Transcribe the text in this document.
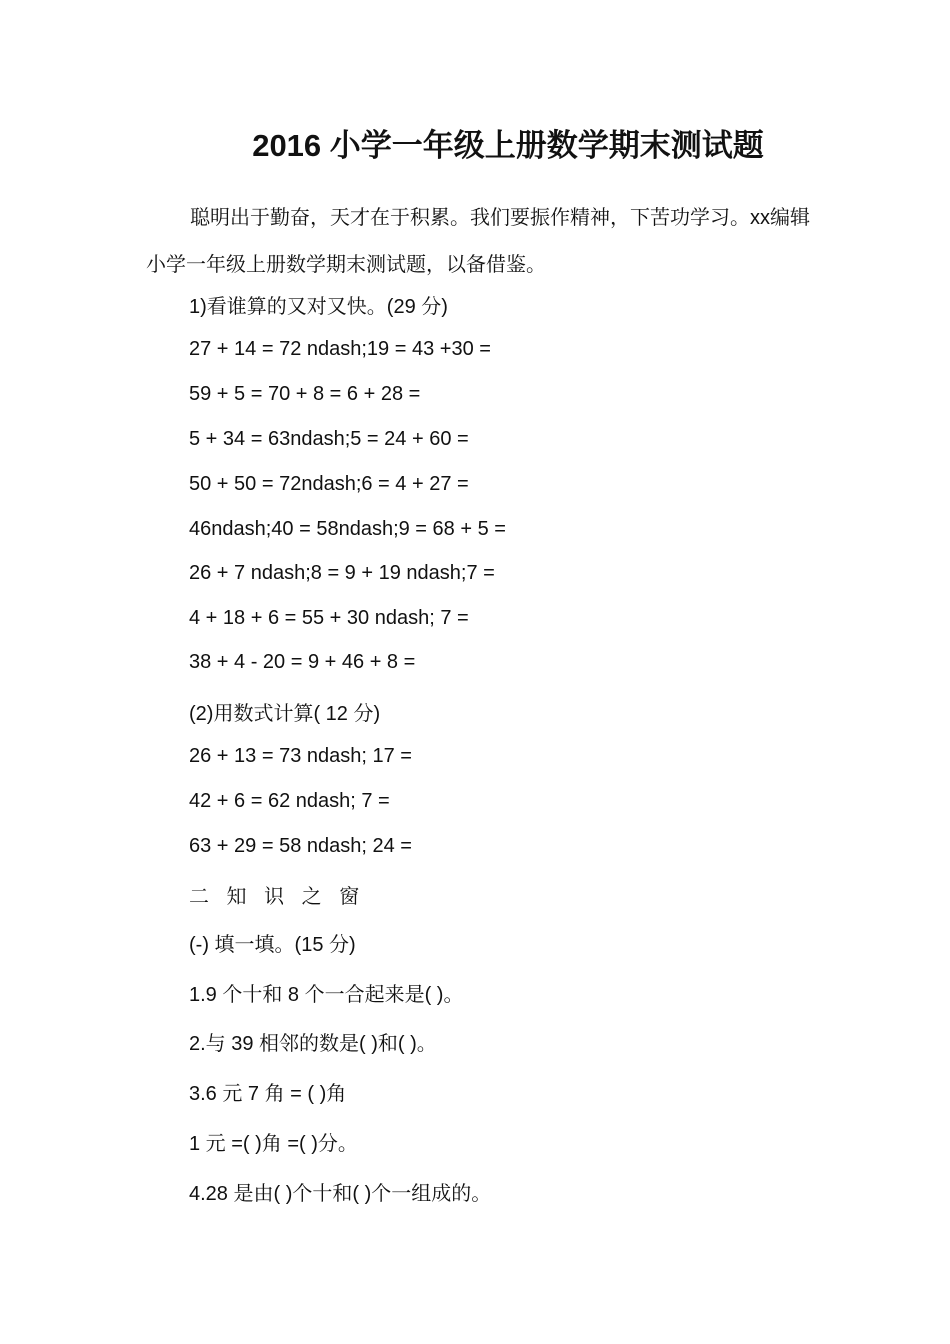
2016 小学一年级上册数学期末测试题
聪明出于勤奋，天才在于积累。我们要振作精神，下苦功学习。xx编辑小学一年级上册数学期末测试题，以备借鉴。
1)看谁算的又对又快。(29 分)
27 + 14 = 72 ndash;19 = 43 +30 =
59 + 5 = 70 + 8 = 6 + 28 =
5 + 34 = 63ndash;5 = 24 + 60 =
50 + 50 = 72ndash;6 = 4 + 27 =
46ndash;40 = 58ndash;9 = 68 + 5 =
26 + 7 ndash;8 = 9 + 19 ndash;7 =
4 + 18 + 6 = 55 + 30 ndash; 7 =
38 + 4 - 20 = 9 + 46 + 8 =
(2)用数式计算( 12 分)
26 + 13 = 73 ndash; 17 =
42 + 6 = 62 ndash; 7 =
63 + 29 = 58 ndash; 24 =
二 知 识 之 窗
(-) 填一填。(15 分)
1.9 个十和 8 个一合起来是( )。
2.与 39 相邻的数是( )和( )。
3.6 元 7 角 = ( )角
1 元 =( )角 =( )分。
4.28 是由( )个十和( )个一组成的。
